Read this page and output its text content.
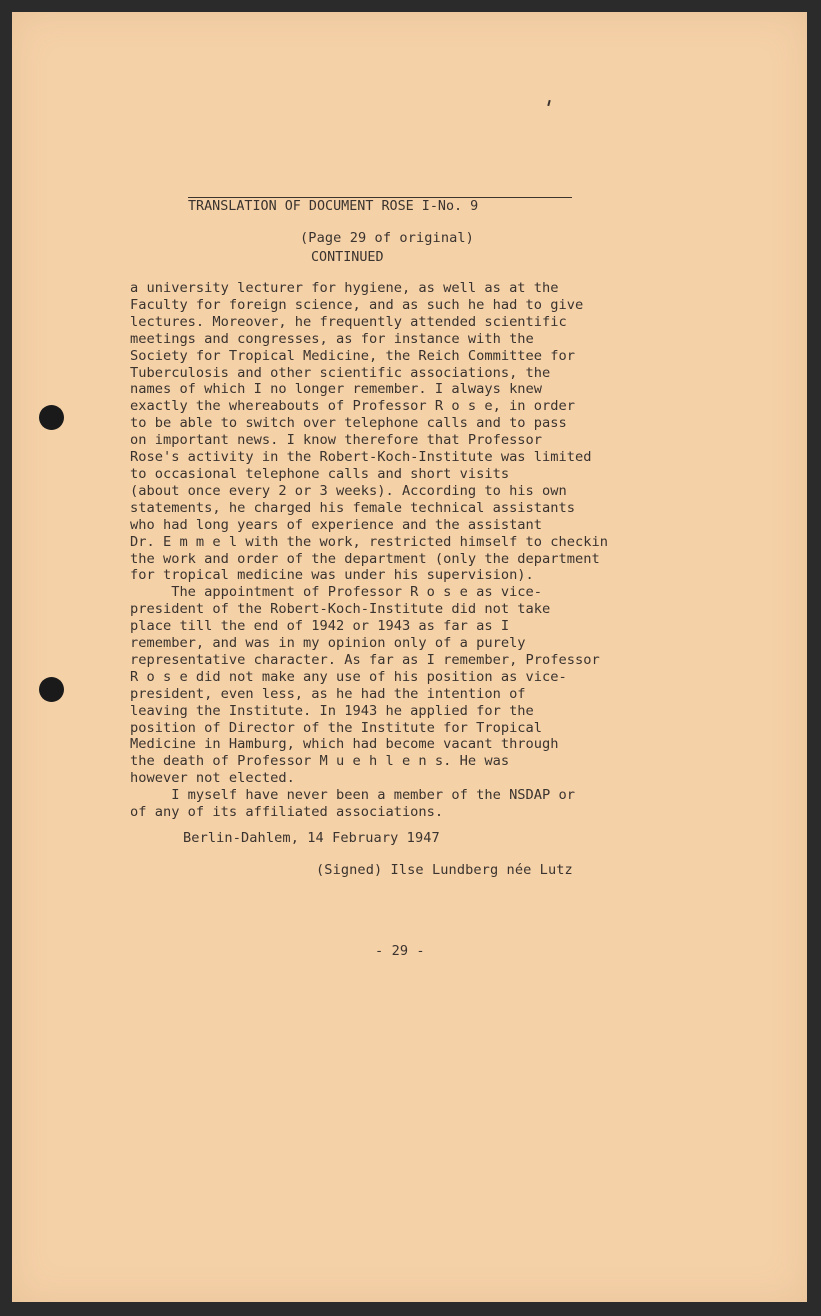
TRANSLATION OF DOCUMENT ROSE I-No. 9

CONTINUED

(Page 29 of original)
a university lecturer for hygiene, as well as at the
Faculty for foreign science, and as such he had to give
lectures. Moreover, he frequently attended scientific
meetings and congresses, as for instance with the
Society for Tropical Medicine, the Reich Committee for
Tuberculosis and other scientific associations, the
names of which I no longer remember. I always knew
exactly the whereabouts of Professor R o s e, in order
to be able to switch over telephone calls and to pass
on important news. I know therefore that Professor
Rose's activity in the Robert-Koch-Institute was limited
to occasional telephone calls and short visits
(about once every 2 or 3 weeks). According to his own
statements, he charged his female technical assistants
who had long years of experience and the assistant
Dr. E m m e l with the work, restricted himself to checkin
the work and order of the department (only the department
for tropical medicine was under his supervision).
The appointment of Professor R o s e as vice-
president of the Robert-Koch-Institute did not take
place till the end of 1942 or 1943 as far as I
remember, and was in my opinion only of a purely
representative character. As far as I remember, Professor
R o s e did not make any use of his position as vice-
president, even less, as he had the intention of
leaving the Institute. In 1943 he applied for the
position of Director of the Institute for Tropical
Medicine in Hamburg, which had become vacant through
the death of Professor M u e h l e n s. He was
however not elected.
I myself have never been a member of the NSDAP or
of any of its affiliated associations.
Berlin-Dahlem, 14 February 1947
(Signed) Ilse Lundberg née Lutz
- 29 -
